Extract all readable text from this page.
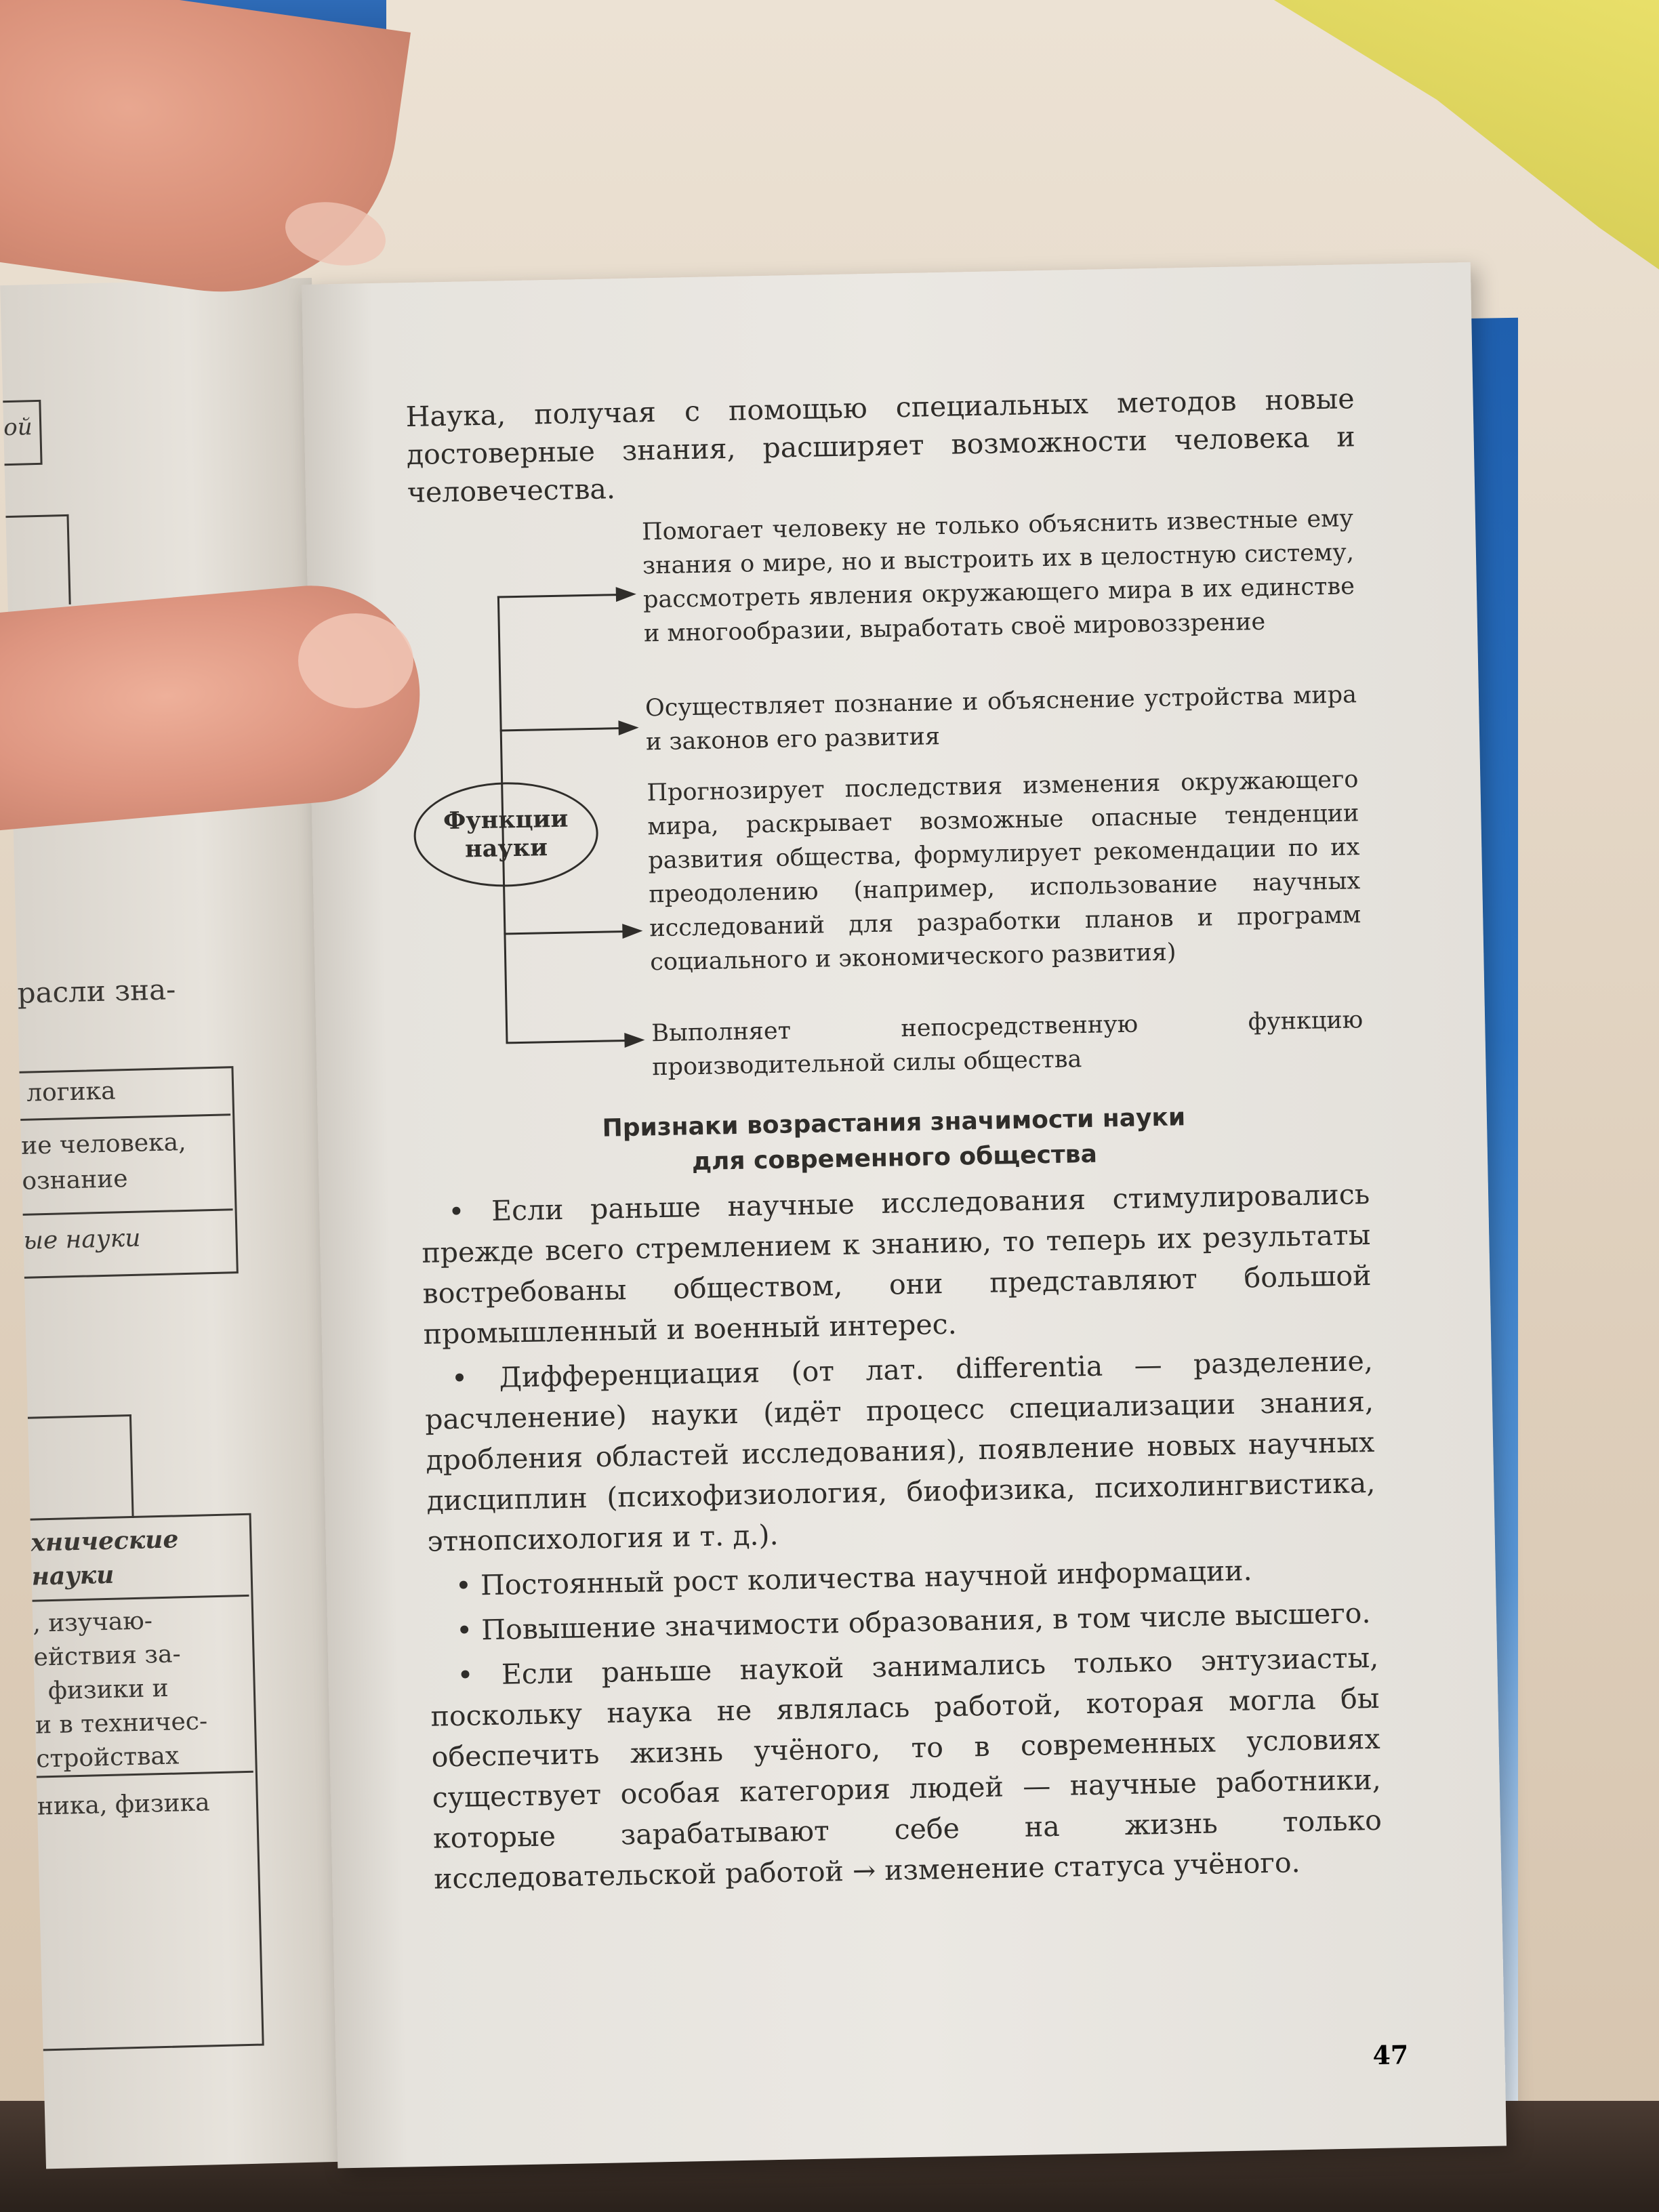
ой
расли зна-
логика
ие человека,
ознание
ые науки
хнические
науки
, изучаю-
ействия за-
физики и
и в техничес-
стройствах
ника, физика

Наука, получая с помощью специальных методов новые достоверные знания, расширяет возможности человека и человечества.

Функции
науки

Помогает человеку не только объяснить известные ему знания о мире, но и выстроить их в целостную систему, рассмотреть явления окружающего мира в их единстве и многообразии, выработать своё мировоззрение

Осуществляет познание и объяснение устройства мира и законов его развития

Прогнозирует последствия изменения окружающего мира, раскрывает возможные опасные тенденции развития общества, формулирует рекомендации по их преодолению (например, использование научных исследований для разработки планов и программ социального и экономического развития)

Выполняет непосредственную функцию производительной силы общества

Признаки возрастания значимости науки
для современного общества

• Если раньше научные исследования стимулировались прежде всего стремлением к знанию, то теперь их результаты востребованы обществом, они представляют большой промышленный и военный интерес.

• Дифференциация (от лат. differentia — разделение, расчленение) науки (идёт процесс специализации знания, дробления областей исследования), появление новых научных дисциплин (психофизиология, биофизика, психолингвистика, этнопсихология и т. д.).

• Постоянный рост количества научной информации.

• Повышение значимости образования, в том числе высшего.

• Если раньше наукой занимались только энтузиасты, поскольку наука не являлась работой, которая могла бы обеспечить жизнь учёного, то в современных условиях существует особая категория людей — научные работники, которые зарабатывают себе на жизнь только исследовательской работой → изменение статуса учёного.

47
